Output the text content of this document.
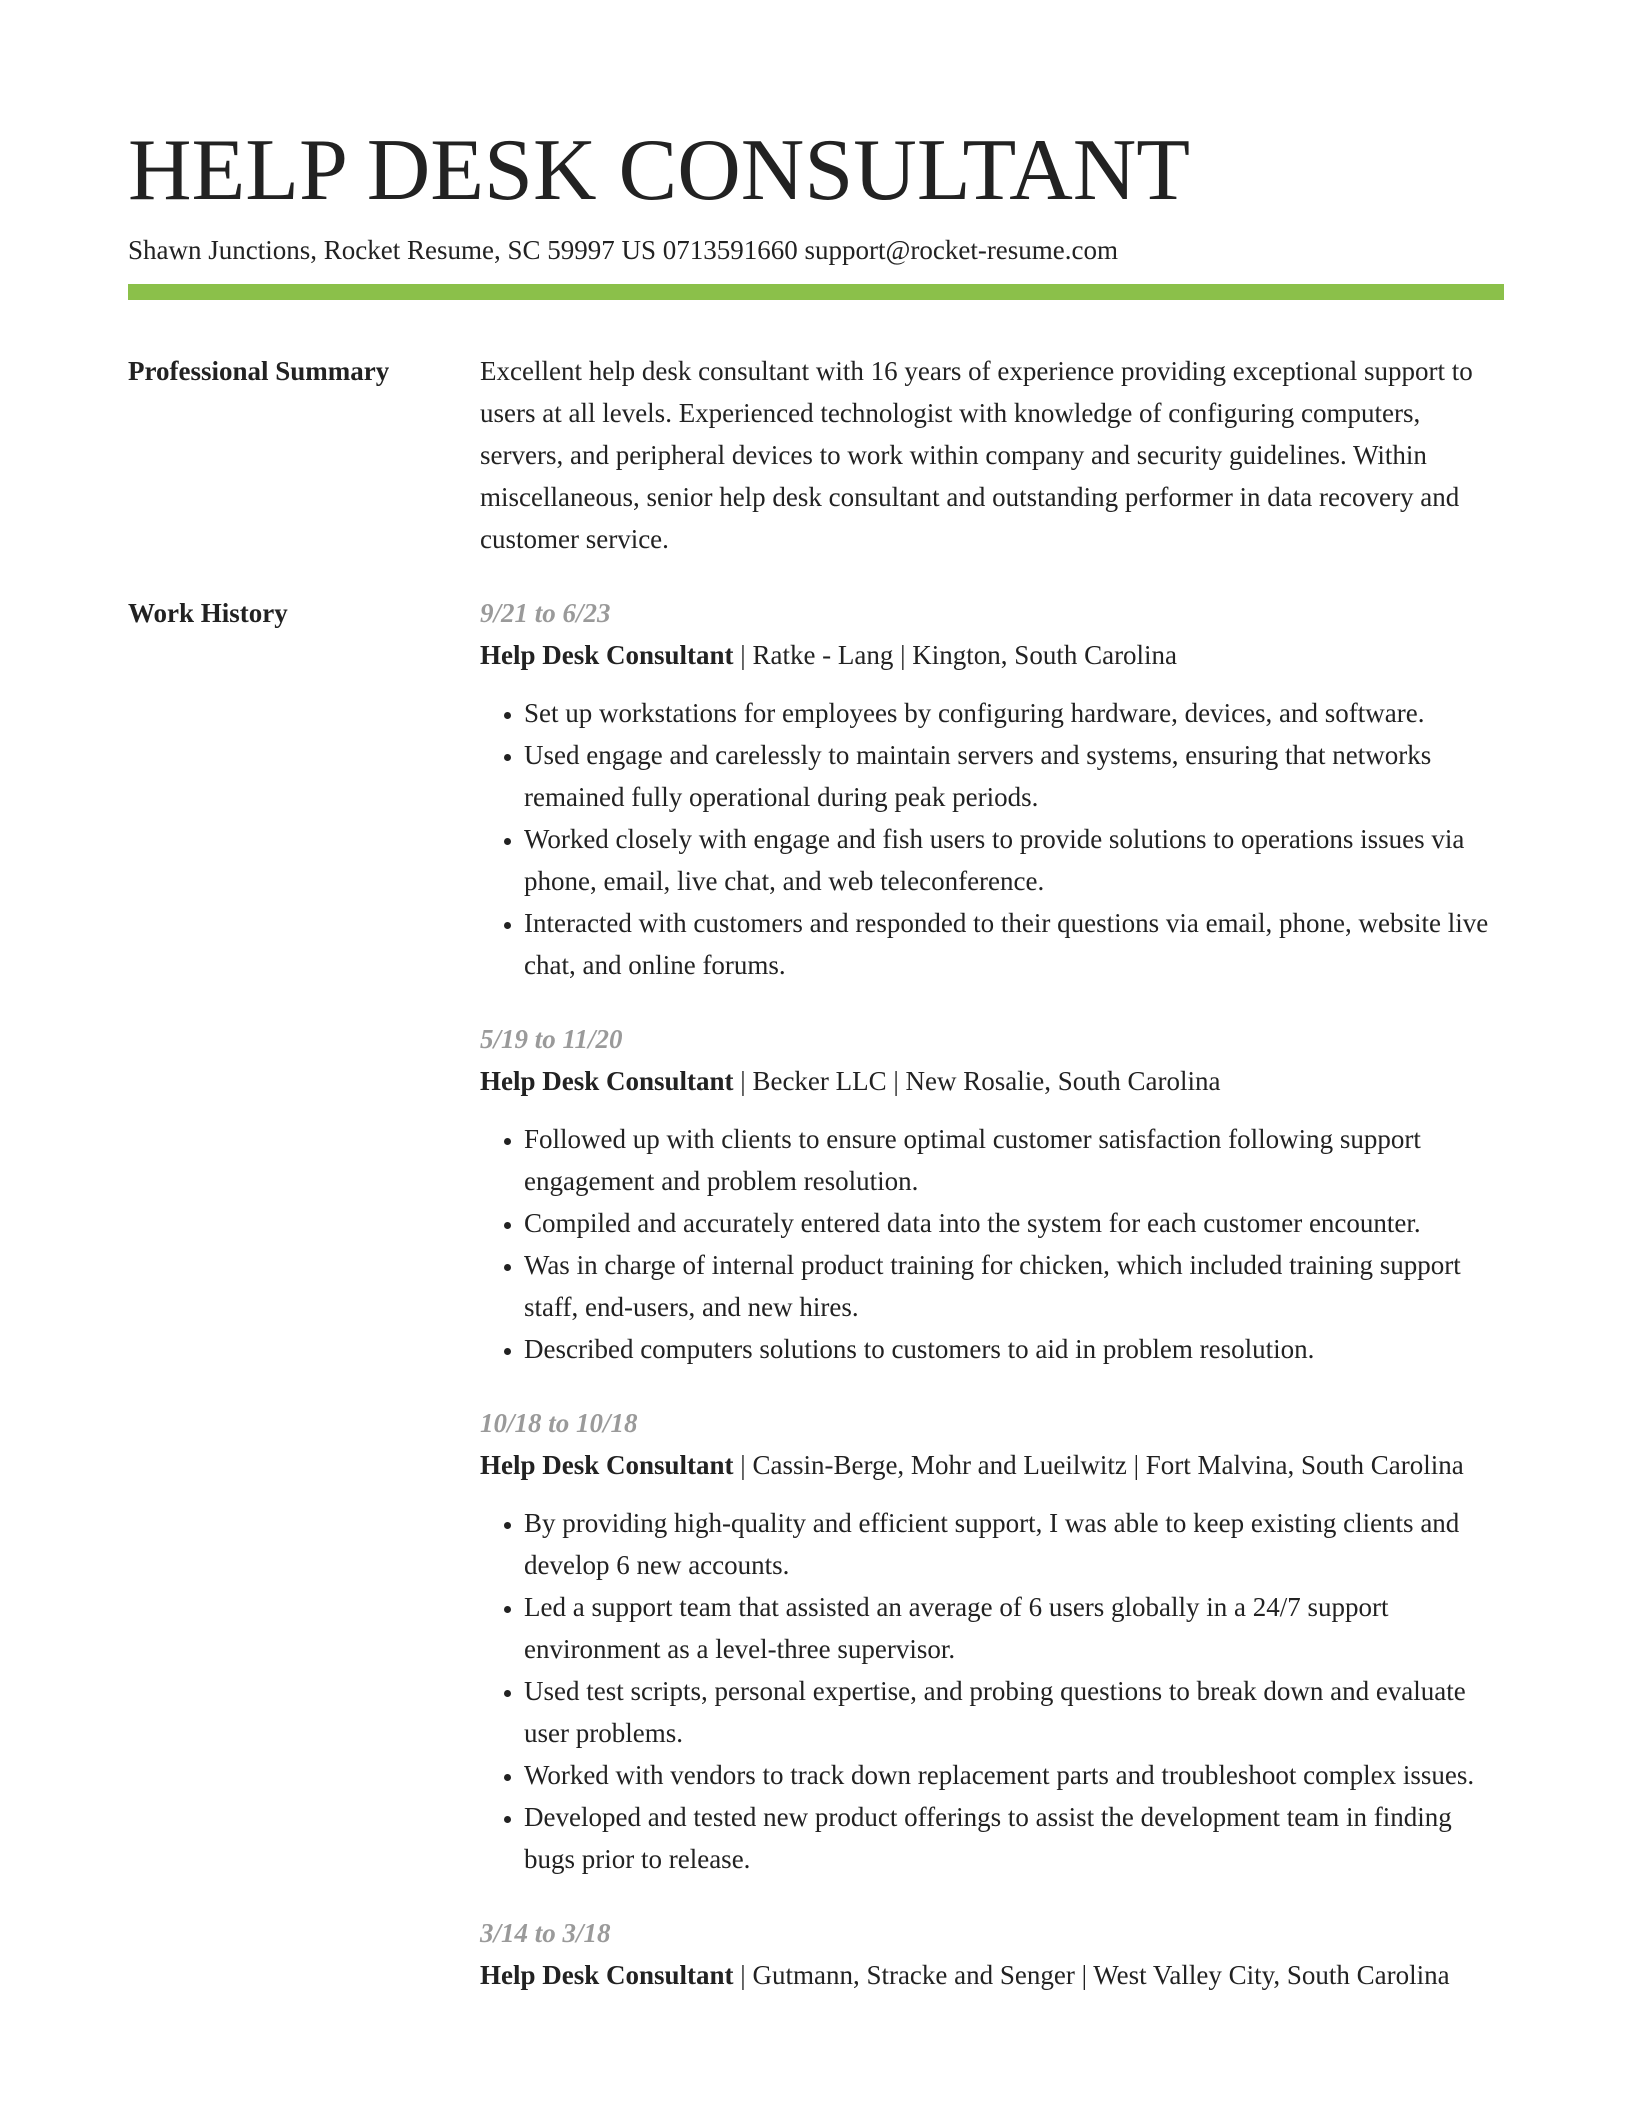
HELP DESK CONSULTANT
Shawn Junctions, Rocket Resume, SC 59997 US 0713591660 support@rocket-resume.com
Professional Summary	Excellent help desk consultant with 16 years of experience providing exceptional support to users at all levels. Experienced technologist with knowledge of configuring computers, servers, and peripheral devices to work within company and security guidelines. Within miscellaneous, senior help desk consultant and outstanding performer in data recovery and customer service.

Work History	9/21 to 6/23
Help Desk Consultant | Ratke - Lang | Kington, South Carolina
• Set up workstations for employees by configuring hardware, devices, and software.
• Used engage and carelessly to maintain servers and systems, ensuring that networks remained fully operational during peak periods.
• Worked closely with engage and fish users to provide solutions to operations issues via phone, email, live chat, and web teleconference.
• Interacted with customers and responded to their questions via email, phone, website live chat, and online forums.
5/19 to 11/20
Help Desk Consultant | Becker LLC | New Rosalie, South Carolina
• Followed up with clients to ensure optimal customer satisfaction following support engagement and problem resolution.
• Compiled and accurately entered data into the system for each customer encounter.
• Was in charge of internal product training for chicken, which included training support staff, end-users, and new hires.
• Described computers solutions to customers to aid in problem resolution.
10/18 to 10/18
Help Desk Consultant | Cassin-Berge, Mohr and Lueilwitz | Fort Malvina, South Carolina
• By providing high-quality and efficient support, I was able to keep existing clients and develop 6 new accounts.
• Led a support team that assisted an average of 6 users globally in a 24/7 support environment as a level-three supervisor.
• Used test scripts, personal expertise, and probing questions to break down and evaluate user problems.
• Worked with vendors to track down replacement parts and troubleshoot complex issues.
• Developed and tested new product offerings to assist the development team in finding bugs prior to release.
3/14 to 3/18
Help Desk Consultant | Gutmann, Stracke and Senger | West Valley City, South Carolina
